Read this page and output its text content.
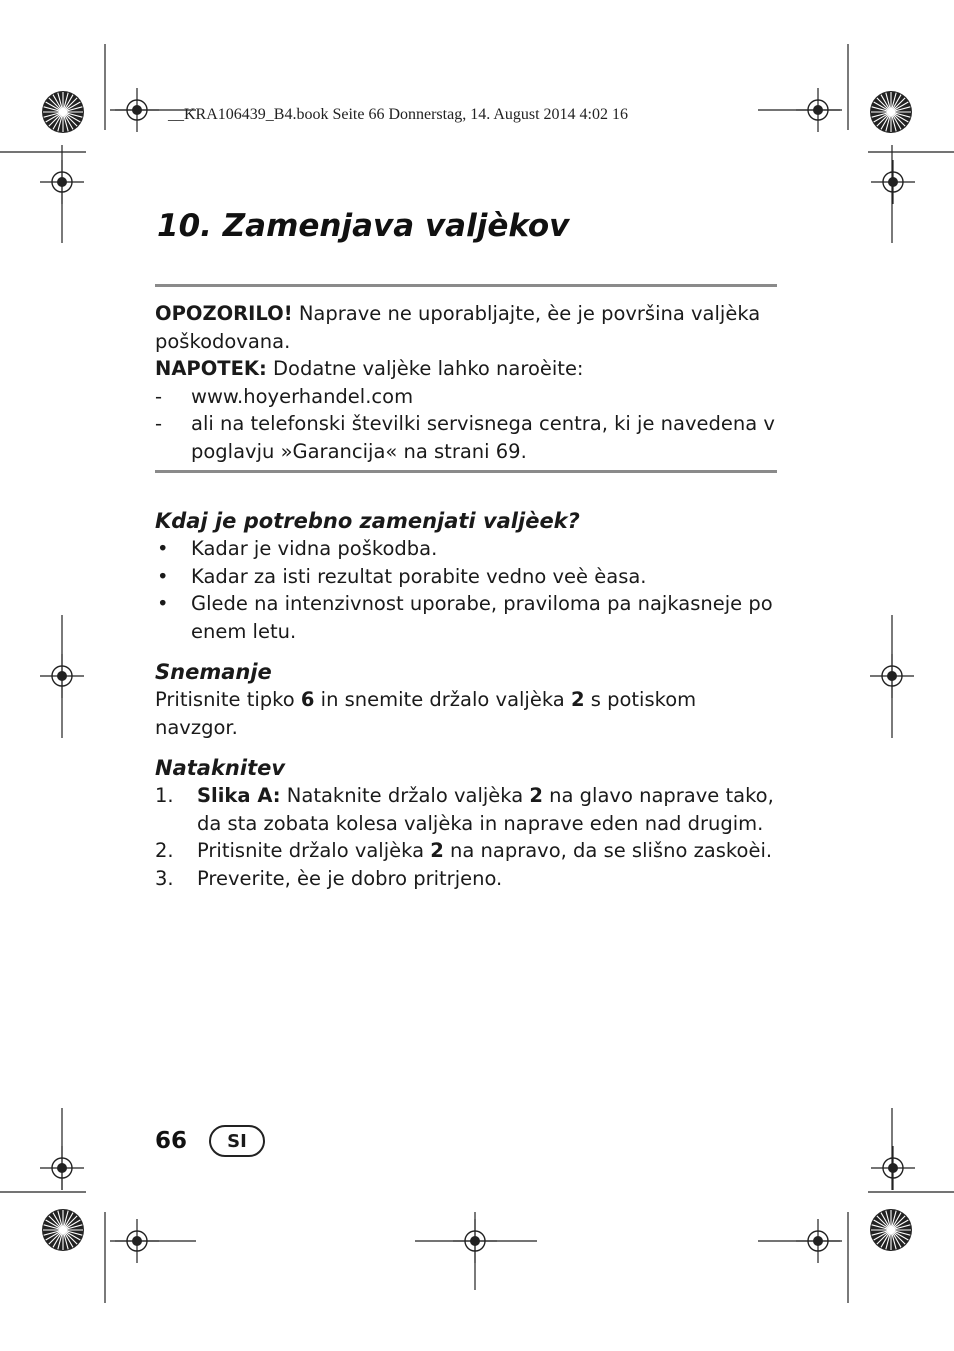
__KRA106439_B4.book Seite 66 Donnerstag, 14. August 2014 4:02 16
10. Zamenjava valjèkov

OPOZORILO! Naprave ne uporabljajte, èe je površina valjèka poškodovana.

NAPOTEK: Dodatne valjèke lahko naroèite:

- www.hoyerhandel.com
- ali na telefonski številki servisnega centra, ki je navedena v poglavju »Garancija« na strani 69.
Kdaj je potrebno zamenjati valjèek?
• Kadar je vidna poškodba.
• Kadar za isti rezultat porabite vedno veè èasa.
• Glede na intenzivnost uporabe, praviloma pa najkasneje po enem letu.
Snemanje

Pritisnite tipko 6 in snemite držalo valjèka 2 s potiskom navzgor.

Nataknitev
1. Slika A: Nataknite držalo valjèka 2 na glavo naprave tako, da sta zobata kolesa valjèka in naprave eden nad drugim.
2. Pritisnite držalo valjèka 2 na napravo, da se slišno zaskoèi.
3. Preverite, èe je dobro pritrjeno.
66	SI
